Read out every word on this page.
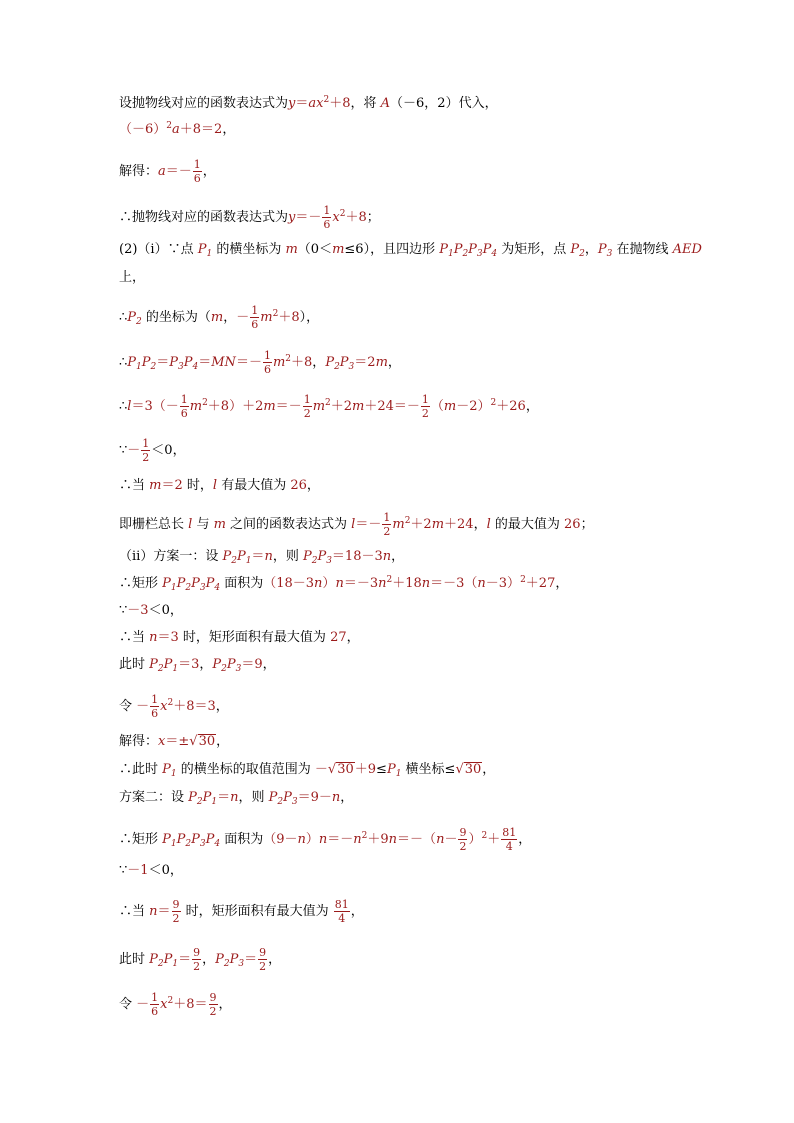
设抛物线对应的函数表达式为$y=ax^2+8$，将 A（－6，2）代入，
$(-6)^2a+8=2$，
解得：$a=- \frac{1}{6}$ ，
∴抛物线对应的函数表达式为$y=- \frac{1}{6} x^2+8$；
(2)（ⅰ）∵点 $P_1$ 的横坐标为 m（0＜m≤6），且四边形 $P_1P_2P_3P_4$ 为矩形，点 $P_2$，$P_3$ 在抛物线 AED
上，
$\therefore P_2$ 的坐标为（m，－ $\frac{1}{6} m^2+8$），
$\therefore P_1P_2=P_3P_4=MN=- \frac{1}{6} m^2+8$，$P_2P_3=2m$，
∴l＝3（－ $\frac{1}{6} m^2+8)+2m=- \frac{1}{2} m^2+2m+24=- \frac{1}{2} (m-2)^2+26$，
∵－ $\frac{1}{2} <0$，
∴当 m＝2 时，l 有最大值为 26，
即栅栏总长 l 与 m 之间的函数表达式为 $l=- \frac{1}{2} m^2+2m+24$，l 的最大值为 26；
（ⅱ）方案一：设 $P_2P_1=n$，则 $P_2P_3=18-3n$，
∴矩形 $P_1P_2P_3P_4$ 面积为$(18-3n)n=-3n^2+18n=-3(n-3)^2+27$，
∵－3＜0，
∴当 n＝3 时，矩形面积有最大值为 27，
此时 $P_2P_1=3$，$P_2P_3=9$，
令 － $\frac{1}{6} x^2+8=3$，
解得：x＝±√30，
∴此时 $P_1$ 的横坐标的取值范围为 $-√30+9\le P_1$ 横坐标≤√30，
方案二：设 $P_2P_1=n$，则 $P_2P_3=9-n$，
∴矩形 $P_1P_2P_3P_4$ 面积为$(9-n)n=-n^2+9n=-(n- \frac{9}{2} )^2+ \frac{81}{4}$ ，
∵－1＜0，
∴当 $n= \frac{9}{2}$ 时，矩形面积有最大值为 $\frac{81}{4}$ ，
此时 $P_2P_1= \frac{9}{2}$ ，$P_2P_3= \frac{9}{2}$ ，
令 － $\frac{1}{6} x^2+8= \frac{9}{2}$ ，
